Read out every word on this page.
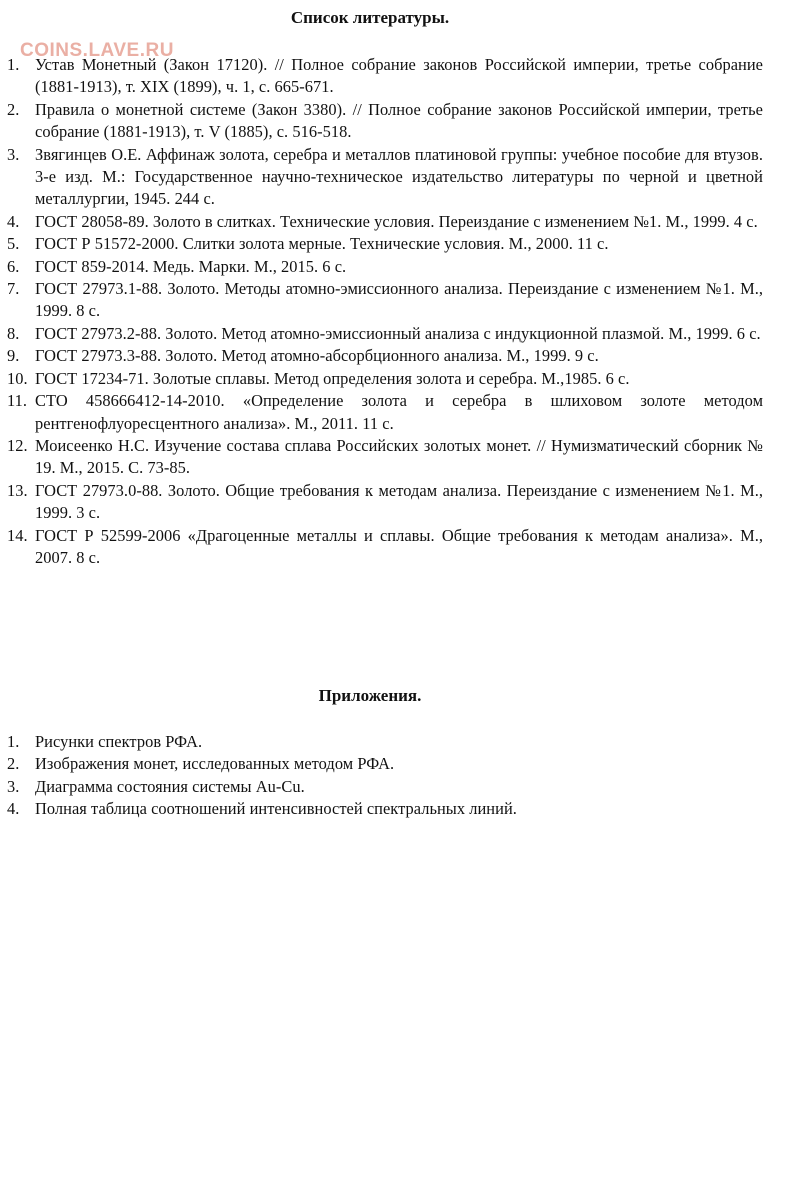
COINS.LAVE.RU
Список литературы.
1. Устав Монетный (Закон 17120). // Полное собрание законов Российской империи, третье собрание (1881-1913), т. XIX (1899), ч. 1, с. 665-671.
2. Правила о монетной системе (Закон 3380). // Полное собрание законов Российской империи, третье собрание (1881-1913), т. V (1885), с. 516-518.
3. Звягинцев О.Е. Аффинаж золота, серебра и металлов платиновой группы: учебное пособие для втузов. 3-е изд. М.: Государственное научно-техническое издательство литературы по черной и цветной металлургии, 1945. 244 с.
4. ГОСТ 28058-89. Золото в слитках. Технические условия. Переиздание с изменением №1. М., 1999. 4 с.
5. ГОСТ Р 51572-2000. Слитки золота мерные. Технические условия. М., 2000. 11 с.
6. ГОСТ 859-2014. Медь. Марки. М., 2015. 6 с.
7. ГОСТ 27973.1-88. Золото. Методы атомно-эмиссионного анализа. Переиздание с изменением №1. М., 1999. 8 с.
8. ГОСТ 27973.2-88. Золото. Метод атомно-эмиссионный анализа с индукционной плазмой. М., 1999. 6 с.
9. ГОСТ 27973.3-88. Золото. Метод атомно-абсорбционного анализа. М., 1999. 9 с.
10. ГОСТ 17234-71. Золотые сплавы. Метод определения золота и серебра. М.,1985. 6 с.
11. СТО 458666412-14-2010. «Определение золота и серебра в шлиховом золоте методом рентгенофлуоресцентного анализа». М., 2011. 11 с.
12. Моисеенко Н.С. Изучение состава сплава Российских золотых монет. // Нумизматический сборник № 19. М., 2015. С. 73-85.
13. ГОСТ 27973.0-88. Золото. Общие требования к методам анализа. Переиздание с изменением №1. М., 1999. 3 с.
14. ГОСТ Р 52599-2006 «Драгоценные металлы и сплавы. Общие требования к методам анализа». М., 2007. 8 с.
Приложения.
1. Рисунки спектров РФА.
2. Изображения монет, исследованных методом РФА.
3. Диаграмма состояния системы Au-Cu.
4. Полная таблица соотношений интенсивностей спектральных линий.
